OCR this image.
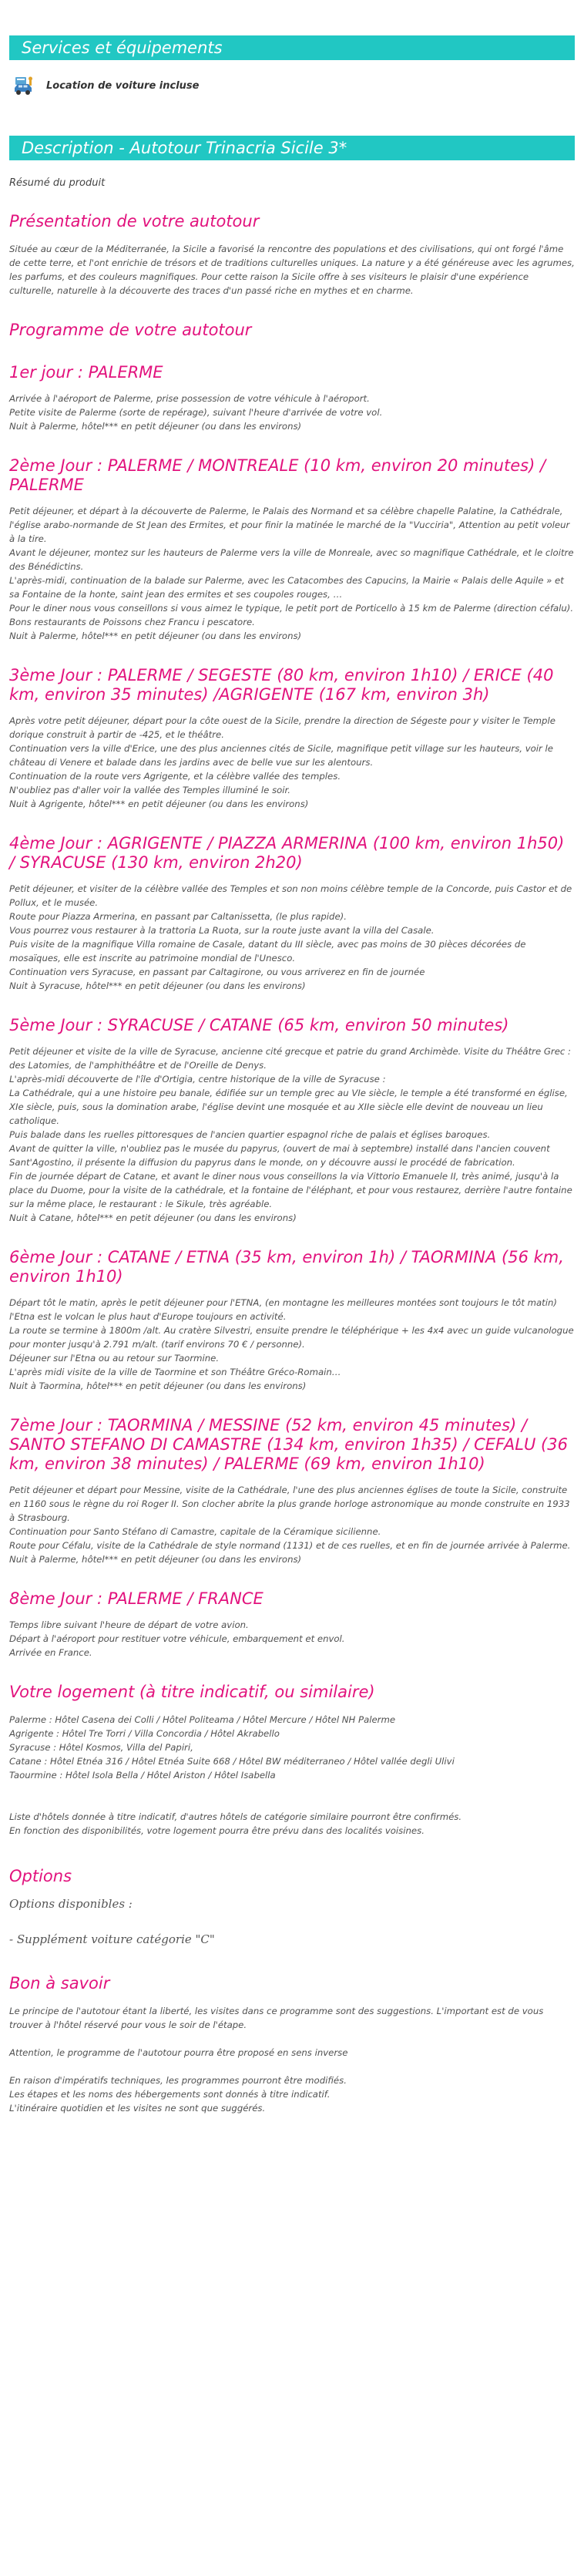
Services et équipements
Location de voiture incluse
Description - Autotour Trinacria Sicile 3*
Résumé du produit
Présentation de votre autotour
Située au cœur de la Méditerranée, la Sicile a favorisé la rencontre des populations et des civilisations, qui ont forgé l'âme de cette terre, et l'ont enrichie de trésors et de traditions culturelles uniques. La nature y a été généreuse avec les agrumes, les parfums, et des couleurs magnifiques. Pour cette raison la Sicile offre à ses visiteurs le plaisir d'une expérience culturelle, naturelle à la découverte des traces d'un passé riche en mythes et en charme.
Programme de votre autotour
1er jour : PALERME

Arrivée à l'aéroport de Palerme, prise possession de votre véhicule à l'aéroport.

Petite visite de Palerme (sorte de repérage), suivant l'heure d'arrivée de votre vol.

Nuit à Palerme, hôtel*** en petit déjeuner (ou dans les environs)

2ème Jour : PALERME / MONTREALE (10 km, environ 20 minutes) / PALERME

Petit déjeuner, et départ à la découverte de Palerme, le Palais des Normand et sa célèbre chapelle Palatine, la Cathédrale, l'église arabo-normande de St Jean des Ermites, et pour finir la matinée le marché de la "Vucciria", Attention au petit voleur à la tire.

Avant le déjeuner, montez sur les hauteurs de Palerme vers la ville de Monreale, avec so magnifique Cathédrale, et le cloitre des Bénédictins.

L'après-midi, continuation de la balade sur Palerme, avec les Catacombes des Capucins, la Mairie « Palais delle Aquile » et sa Fontaine de la honte, saint jean des ermites et ses coupoles rouges, …

Pour le diner nous vous conseillons si vous aimez le typique, le petit port de Porticello à 15 km de Palerme (direction céfalu). Bons restaurants de Poissons chez Francu i pescatore.

Nuit à Palerme, hôtel*** en petit déjeuner (ou dans les environs)

3ème Jour : PALERME / SEGESTE (80 km, environ 1h10) / ERICE (40 km, environ 35 minutes) /AGRIGENTE (167 km, environ 3h)

Après votre petit déjeuner, départ pour la côte ouest de la Sicile, prendre la direction de Ségeste pour y visiter le Temple dorique construit à partir de -425, et le théâtre.

Continuation vers la ville d'Erice, une des plus anciennes cités de Sicile, magnifique petit village sur les hauteurs, voir le château di Venere et balade dans les jardins avec de belle vue sur les alentours.

Continuation de la route vers Agrigente, et la célèbre vallée des temples.

N'oubliez pas d'aller voir la vallée des Temples illuminé le soir.

Nuit à Agrigente, hôtel*** en petit déjeuner (ou dans les environs)

4ème Jour : AGRIGENTE / PIAZZA ARMERINA (100 km, environ 1h50) / SYRACUSE (130 km, environ 2h20)

Petit déjeuner, et visiter de la célèbre vallée des Temples et son non moins célèbre temple de la Concorde, puis Castor et de Pollux, et le musée.

Route pour Piazza Armerina, en passant par Caltanissetta, (le plus rapide).

Vous pourrez vous restaurer à la trattoria La Ruota, sur la route juste avant la villa del Casale.

Puis visite de la magnifique Villa romaine de Casale, datant du III siècle, avec pas moins de 30 pièces décorées de mosaïques, elle est inscrite au patrimoine mondial de l'Unesco.

Continuation vers Syracuse, en passant par Caltagirone, ou vous arriverez en fin de journée

Nuit à Syracuse, hôtel*** en petit déjeuner (ou dans les environs)

5ème Jour : SYRACUSE / CATANE (65 km, environ 50 minutes)

Petit déjeuner et visite de la ville de Syracuse, ancienne cité grecque et patrie du grand Archimède. Visite du Théâtre Grec : des Latomies, de l'amphithéâtre et de l'Oreille de Denys.

L'après-midi découverte de l'île d'Ortigia, centre historique de la ville de Syracuse :

La Cathédrale, qui a une histoire peu banale, édifiée sur un temple grec au VIe siècle, le temple a été transformé en église, XIe siècle, puis, sous la domination arabe, l'église devint une mosquée et au XIIe siècle elle devint de nouveau un lieu catholique.

Puis balade dans les ruelles pittoresques de l'ancien quartier espagnol riche de palais et églises baroques.

Avant de quitter la ville, n'oubliez pas le musée du papyrus, (ouvert de mai à septembre) installé dans l'ancien couvent Sant'Agostino, il présente la diffusion du papyrus dans le monde, on y découvre aussi le procédé de fabrication.

Fin de journée départ de Catane, et avant le diner nous vous conseillons la via Vittorio Emanuele II, très animé, jusqu'à la place du Duome, pour la visite de la cathédrale, et la fontaine de l'éléphant, et pour vous restaurez, derrière l'autre fontaine sur la même place, le restaurant : le Sikule, très agréable.

Nuit à Catane, hôtel*** en petit déjeuner (ou dans les environs)

6ème Jour : CATANE / ETNA (35 km, environ 1h) / TAORMINA (56 km, environ 1h10)

Départ tôt le matin, après le petit déjeuner pour l'ETNA, (en montagne les meilleures montées sont toujours le tôt matin) l'Etna est le volcan le plus haut d'Europe toujours en activité.

La route se termine à 1800m /alt. Au cratère Silvestri, ensuite prendre le téléphérique + les 4x4 avec un guide vulcanologue pour monter jusqu'à 2.791 m/alt. (tarif environs 70 € / personne).

Déjeuner sur l'Etna ou au retour sur Taormine.

L'après midi visite de la ville de Taormine et son Théâtre Gréco-Romain…

Nuit à Taormina, hôtel*** en petit déjeuner (ou dans les environs)

7ème Jour : TAORMINA / MESSINE (52 km, environ 45 minutes) / SANTO STEFANO DI CAMASTRE (134 km, environ 1h35) / CEFALU (36 km, environ 38 minutes) / PALERME (69 km, environ 1h10)

Petit déjeuner et départ pour Messine, visite de la Cathédrale, l'une des plus anciennes églises de toute la Sicile, construite en 1160 sous le règne du roi Roger II. Son clocher abrite la plus grande horloge astronomique au monde construite en 1933 à Strasbourg.

Continuation pour Santo Stéfano di Camastre, capitale de la Céramique sicilienne.

Route pour Céfalu, visite de la Cathédrale de style normand (1131) et de ces ruelles, et en fin de journée arrivée à Palerme.

Nuit à Palerme, hôtel*** en petit déjeuner (ou dans les environs)

8ème Jour : PALERME / FRANCE

Temps libre suivant l'heure de départ de votre avion.

Départ à l'aéroport pour restituer votre véhicule, embarquement et envol.

Arrivée en France.

Votre logement (à titre indicatif, ou similaire)

Palerme : Hôtel Casena dei Colli / Hôtel Politeama / Hôtel Mercure / Hôtel NH Palerme

Agrigente : Hôtel Tre Torri / Villa Concordia / Hôtel Akrabello

Syracuse : Hôtel Kosmos, Villa del Papiri,

Catane : Hôtel Etnéa 316 / Hôtel Etnéa Suite 668 / Hôtel BW méditerraneo / Hôtel vallée degli Ulivi

Taourmine : Hôtel Isola Bella / Hôtel Ariston / Hôtel Isabella

Liste d'hôtels donnée à titre indicatif, d'autres hôtels de catégorie similaire pourront être confirmés.

En fonction des disponibilités, votre logement pourra être prévu dans des localités voisines.

Options
Options disponibles :
- Supplément voiture catégorie "C"
Bon à savoir
Le principe de l'autotour étant la liberté, les visites dans ce programme sont des suggestions. L'important est de vous trouver à l'hôtel réservé pour vous le soir de l'étape.
Attention, le programme de l'autotour pourra être proposé en sens inverse

En raison d'impératifs techniques, les programmes pourront être modifiés.

Les étapes et les noms des hébergements sont donnés à titre indicatif.

L'itinéraire quotidien et les visites ne sont que suggérés.
